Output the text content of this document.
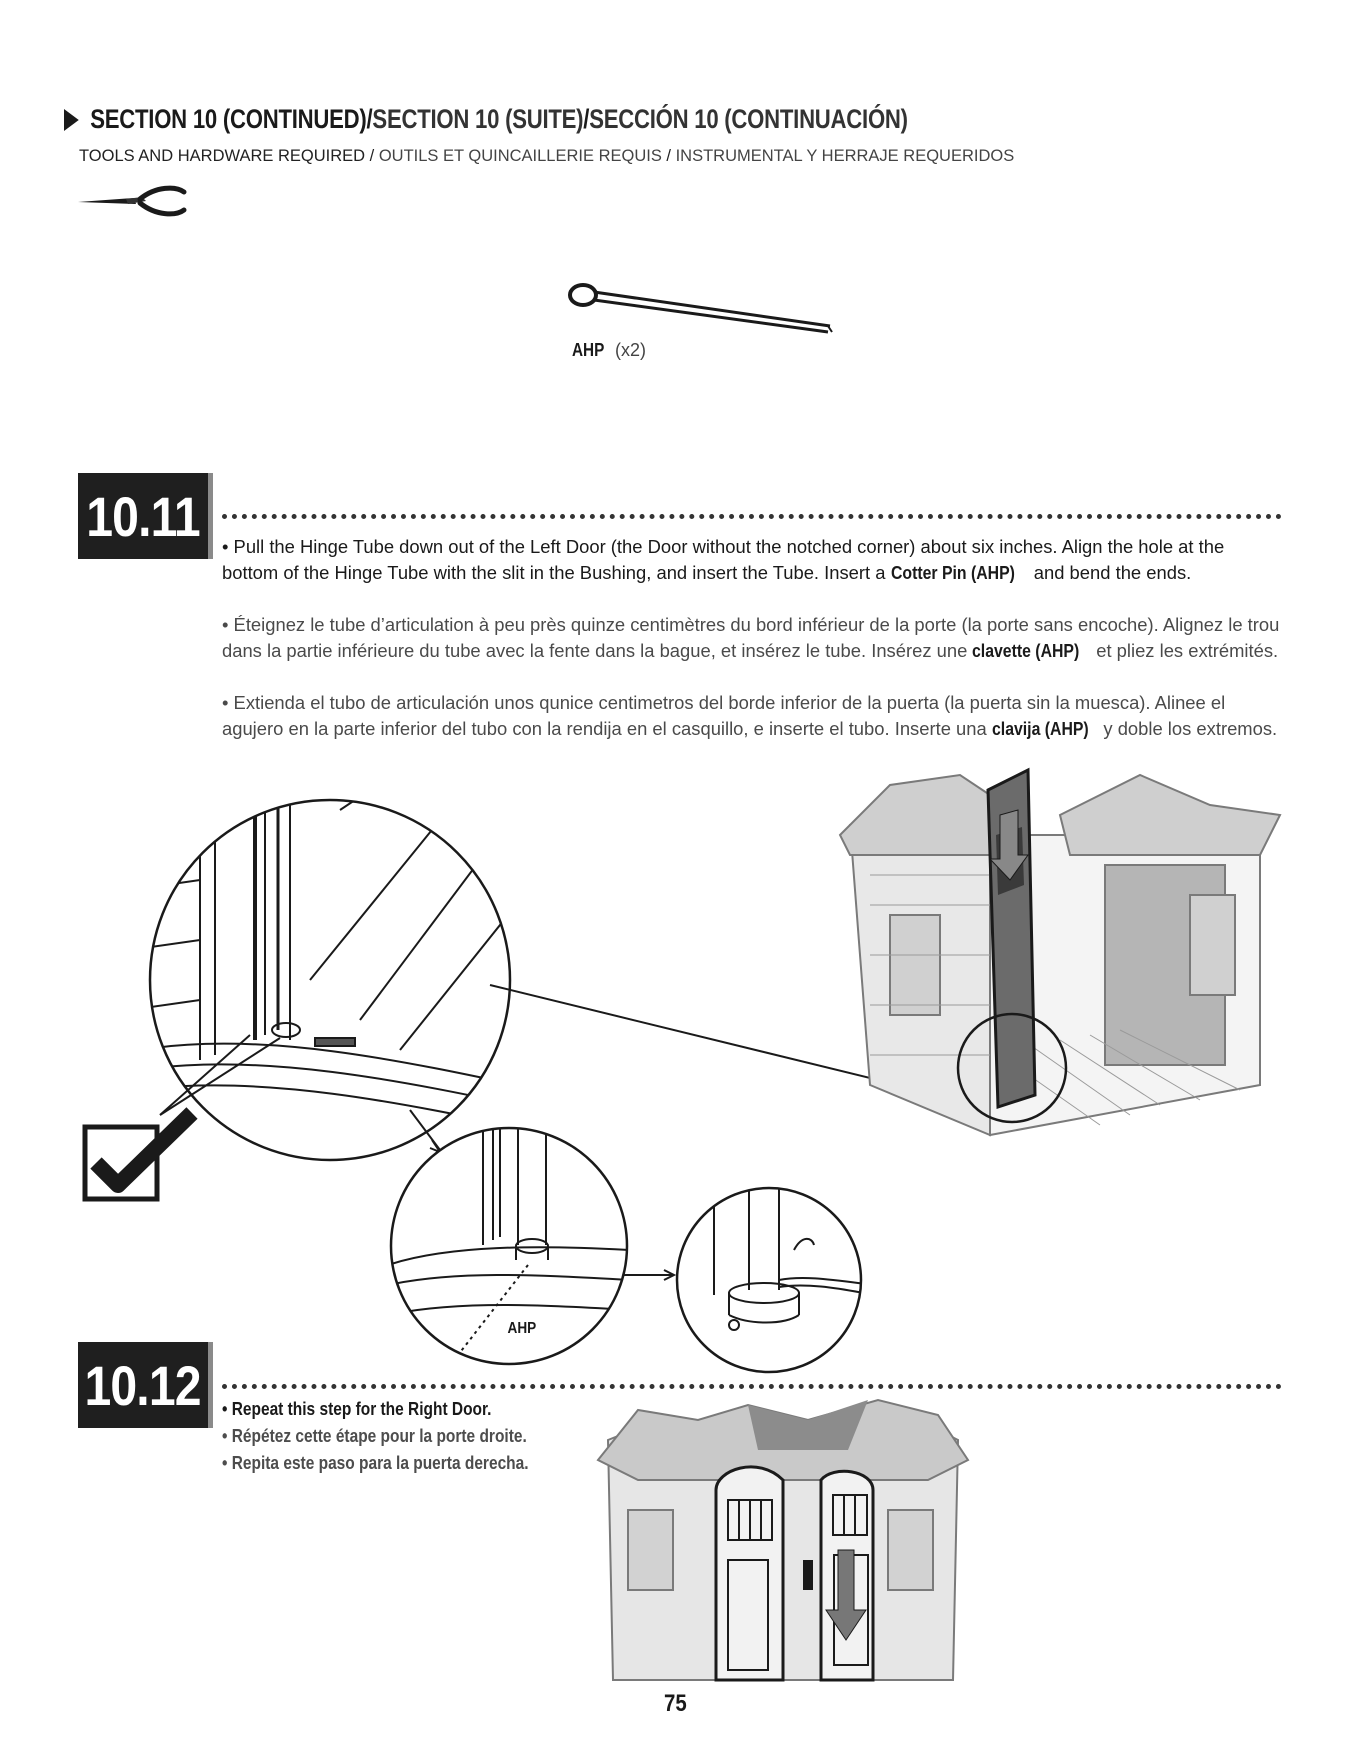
SECTION 10 (CONTINUED) / SECTION 10 (SUITE) / SECCIÓN 10 (CONTINUACIÓN)
TOOLS AND HARDWARE REQUIRED / OUTILS ET QUINCAILLERIE REQUIS / INSTRUMENTAL Y HERRAJE REQUERIDOS
AHP (x2)
10.11 • Pull the Hinge Tube down out of the Left Door (the Door without the notched corner) about six inches. Align the hole at the bottom of the Hinge Tube with the slit in the Bushing, and insert the Tube. Insert a Cotter Pin (AHP) and bend the ends.
• Éteignez le tube d’articulation à peu près quinze centimètres du bord inférieur de la porte (la porte sans encoche). Alignez le trou dans la partie inférieure du tube avec la fente dans la bague, et insérez le tube. Insérez une clavette (AHP) et pliez les extrémités.
• Extienda el tubo de articulación unos qunice centimetros del borde inferior de la puerta (la puerta sin la muesca). Alinee el agujero en la parte inferior del tubo con la rendija en el casquillo, e inserte el tubo. Inserte una clavija (AHP) y doble los extremos.
AHP
10.12 • Repeat this step for the Right Door.
• Répétez cette étape pour la porte droite.
• Repita este paso para la puerta derecha.
75
